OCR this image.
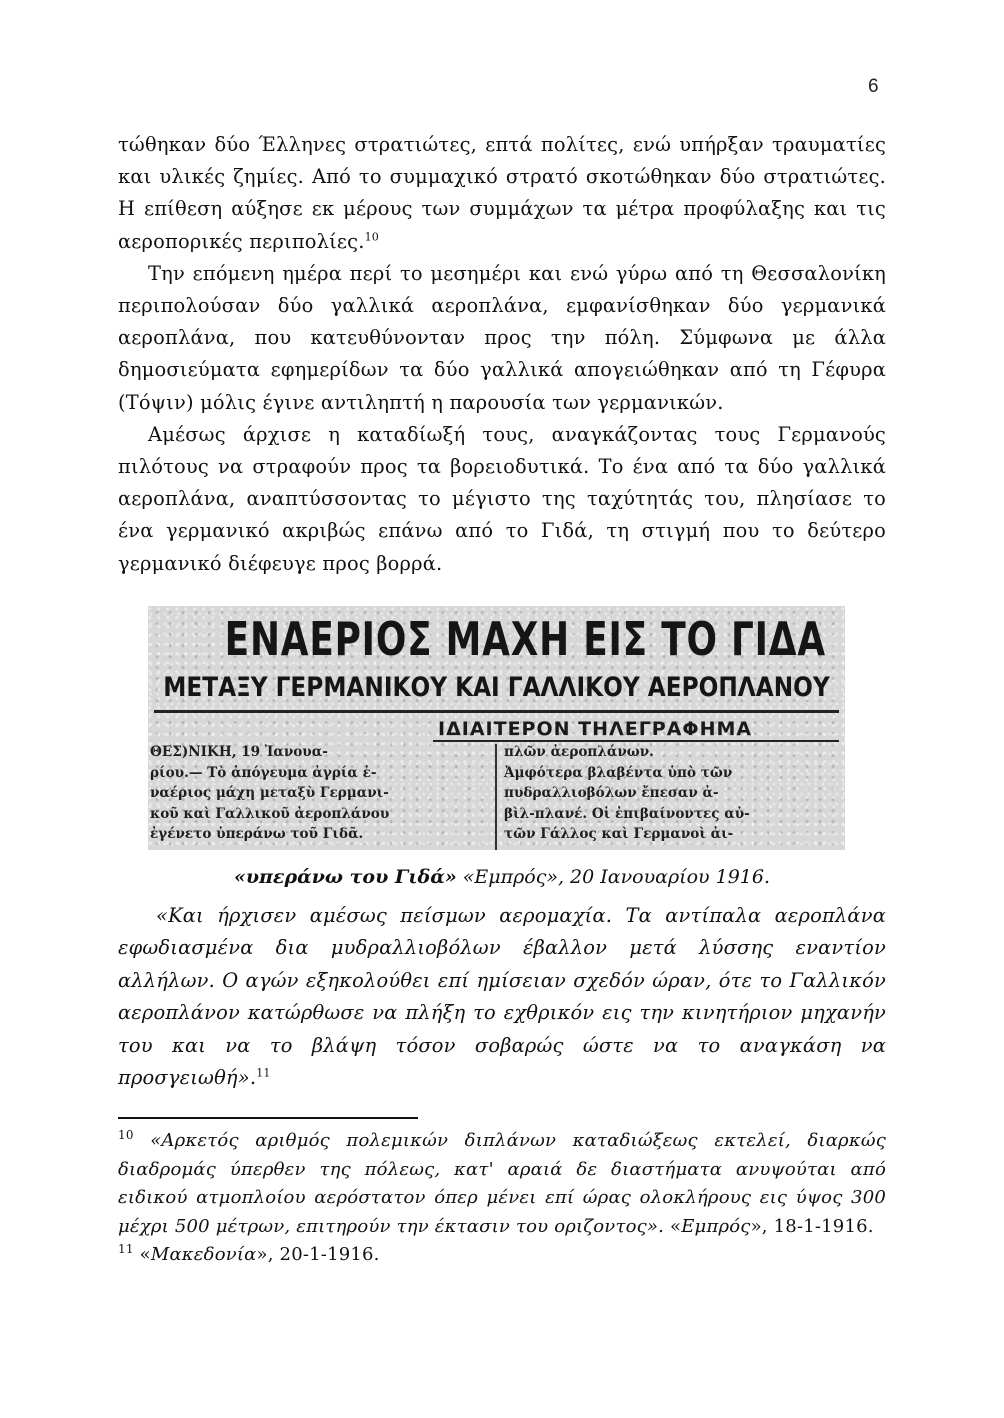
6

τώθηκαν δύο Έλληνες στρατιώτες, επτά πολίτες, ενώ υπήρξαν τραυματίες και υλικές ζημίες. Από το συμμαχικό στρατό σκοτώθηκαν δύο στρατιώτες. Η επίθεση αύξησε εκ μέρους των συμμάχων τα μέτρα προφύλαξης και τις αεροπορικές περιπολίες.$^{10}$

Την επόμενη ημέρα περί το μεσημέρι και ενώ γύρω από τη Θεσσαλονίκη περιπολούσαν δύο γαλλικά αεροπλάνα, εμφανίσθηκαν δύο γερμανικά αεροπλάνα, που κατευθύνονταν προς την πόλη. Σύμφωνα με άλλα δημοσιεύματα εφημερίδων τα δύο γαλλικά απογειώθηκαν από τη Γέφυρα (Τόψιν) μόλις έγινε αντιληπτή η παρουσία των γερμανικών.

Αμέσως άρχισε η καταδίωξή τους, αναγκάζοντας τους Γερμανούς πιλότους να στραφούν προς τα βορειοδυτικά. Το ένα από τα δύο γαλλικά αεροπλάνα, αναπτύσσοντας το μέγιστο της ταχύτητάς του, πλησίασε το ένα γερμανικό ακριβώς επάνω από το Γιδά, τη στιγμή που το δεύτερο γερμανικό διέφευγε προς βορρά.

ΕΝΑΕΡΙΟΣ ΜΑΧΗ ΕΙΣ ΤΟ ΓΙΔΑ
ΜΕΤΑΞΥ ΓΕΡΜΑΝΙΚΟΥ ΚΑΙ ΓΑΛΛΙΚΟΥ ΑΕΡΟΠΛΑΝΟΥ
ΙΔΙΑΙΤΕΡΟΝ ΤΗΛΕΓΡΑΦΗΜΑ
ΘΕΣ)ΝΙΚΗ, 19 Ἰανουα-
ρίου.— Τὸ ἀπόγευμα ἀγρία ἐ-
ναέριος μάχη μεταξὺ Γερμανι-
κοῦ καὶ Γαλλικοῦ ἀεροπλάνου
ἐγένετο ὑπεράνω τοῦ Γιδᾶ.
πλῶν ἀεροπλάνων.
Ἀμφότερα βλαβέντα ὑπὸ τῶν
πυδραλλιοβόλων ἔπεσαν ἀ-
βὶλ-πλανέ. Οἱ ἐπιβαίνοντες αὐ-
τῶν Γάλλος καὶ Γερμανοὶ ἀι-
«υπεράνω του Γιδά» «Εμπρός», 20 Ιανουαρίου 1916.
«Και ήρχισεν αμέσως πείσμων αερομαχία. Τα αντίπαλα αεροπλάνα εφωδιασμένα δια μυδραλλιοβόλων έβαλλον μετά λύσσης εναντίον αλλήλων. Ο αγών εξηκολούθει επί ημίσειαν σχεδόν ώραν, ότε το Γαλλικόν αεροπλάνον κατώρθωσε να πλήξη το εχθρικόν εις την κινητήριον μηχανήν του και να το βλάψη τόσον σοβαρώς ώστε να το αναγκάση να προσγειωθή».$^{11}$

$^{10}$ «Αρκετός αριθμός πολεμικών διπλάνων καταδιώξεως εκτελεί, διαρκώς διαδρομάς ύπερθεν της πόλεως, κατ' αραιά δε διαστήματα ανυψούται από ειδικού ατμοπλοίου αερόστατον όπερ μένει επί ώρας ολοκλήρους εις ύψος 300 μέχρι 500 μέτρων, επιτηρούν την έκτασιν του οριζοντος». «Εμπρός», 18-1-1916.

$^{11}$ «Μακεδονία», 20-1-1916.
